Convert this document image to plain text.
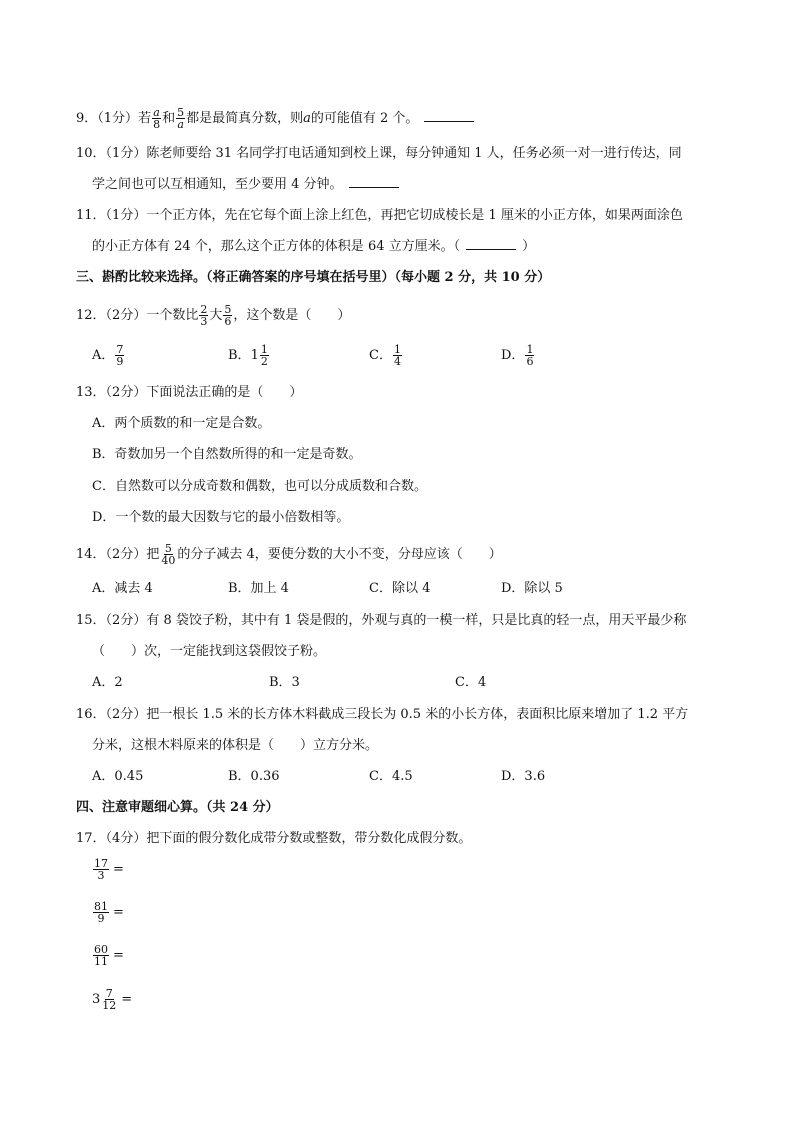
9．（1分）若 $\frac{a}{8}$ 和 $\frac{5}{a}$ 都是最简真分数，则a的可能值有 2 个。
10．（1分）陈老师要给 31 名同学打电话通知到校上课，每分钟通知 1 人，任务必须一对一进行传达，同
学之间也可以互相通知，至少要用 4 分钟。
11．（1分）一个正方体，先在它每个面上涂上红色，再把它切成棱长是 1 厘米的小正方体，如果两面涂色
的小正方体有 24 个，那么这个正方体的体积是 64 立方厘米。（	）
三、斟酌比较来选择。（将正确答案的序号填在括号里）（每小题 2 分，共 10 分）
12．（2分）一个数比 $\frac{2}{3}$ 大 $\frac{5}{6}$ ，这个数是（　　）
A． $\frac{7}{9}$	B．$1 \frac{1}{2}$	C． $\frac{1}{4}$	D． $\frac{1}{6}$
13．（2分）下面说法正确的是（　　）
A．两个质数的和一定是合数。
B．奇数加另一个自然数所得的和一定是奇数。
C．自然数可以分成奇数和偶数，也可以分成质数和合数。
D．一个数的最大因数与它的最小倍数相等。
14．（2分）把 $\frac{5}{40}$ 的分子减去 4，要使分数的大小不变，分母应该（　　）
A．减去 4	B．加上 4	C．除以 4	D．除以 5
15．（2分）有 8 袋饺子粉，其中有 1 袋是假的，外观与真的一模一样，只是比真的轻一点，用天平最少称
（　　）次，一定能找到这袋假饺子粉。
A．2	B．3	C．4
16．（2分）把一根长 1.5 米的长方体木料截成三段长为 0.5 米的小长方体，表面积比原来增加了 1.2 平方
分米，这根木料原来的体积是（　　）立方分米。
A．0.45	B．0.36	C．4.5	D．3.6
四、注意审题细心算。（共 24 分）
17．（4分）把下面的假分数化成带分数或整数，带分数化成假分数。
$\frac{17}{3}$ =
$\frac{81}{9}$ =
$\frac{60}{11}$ =
$3 \frac{7}{12}$ =
